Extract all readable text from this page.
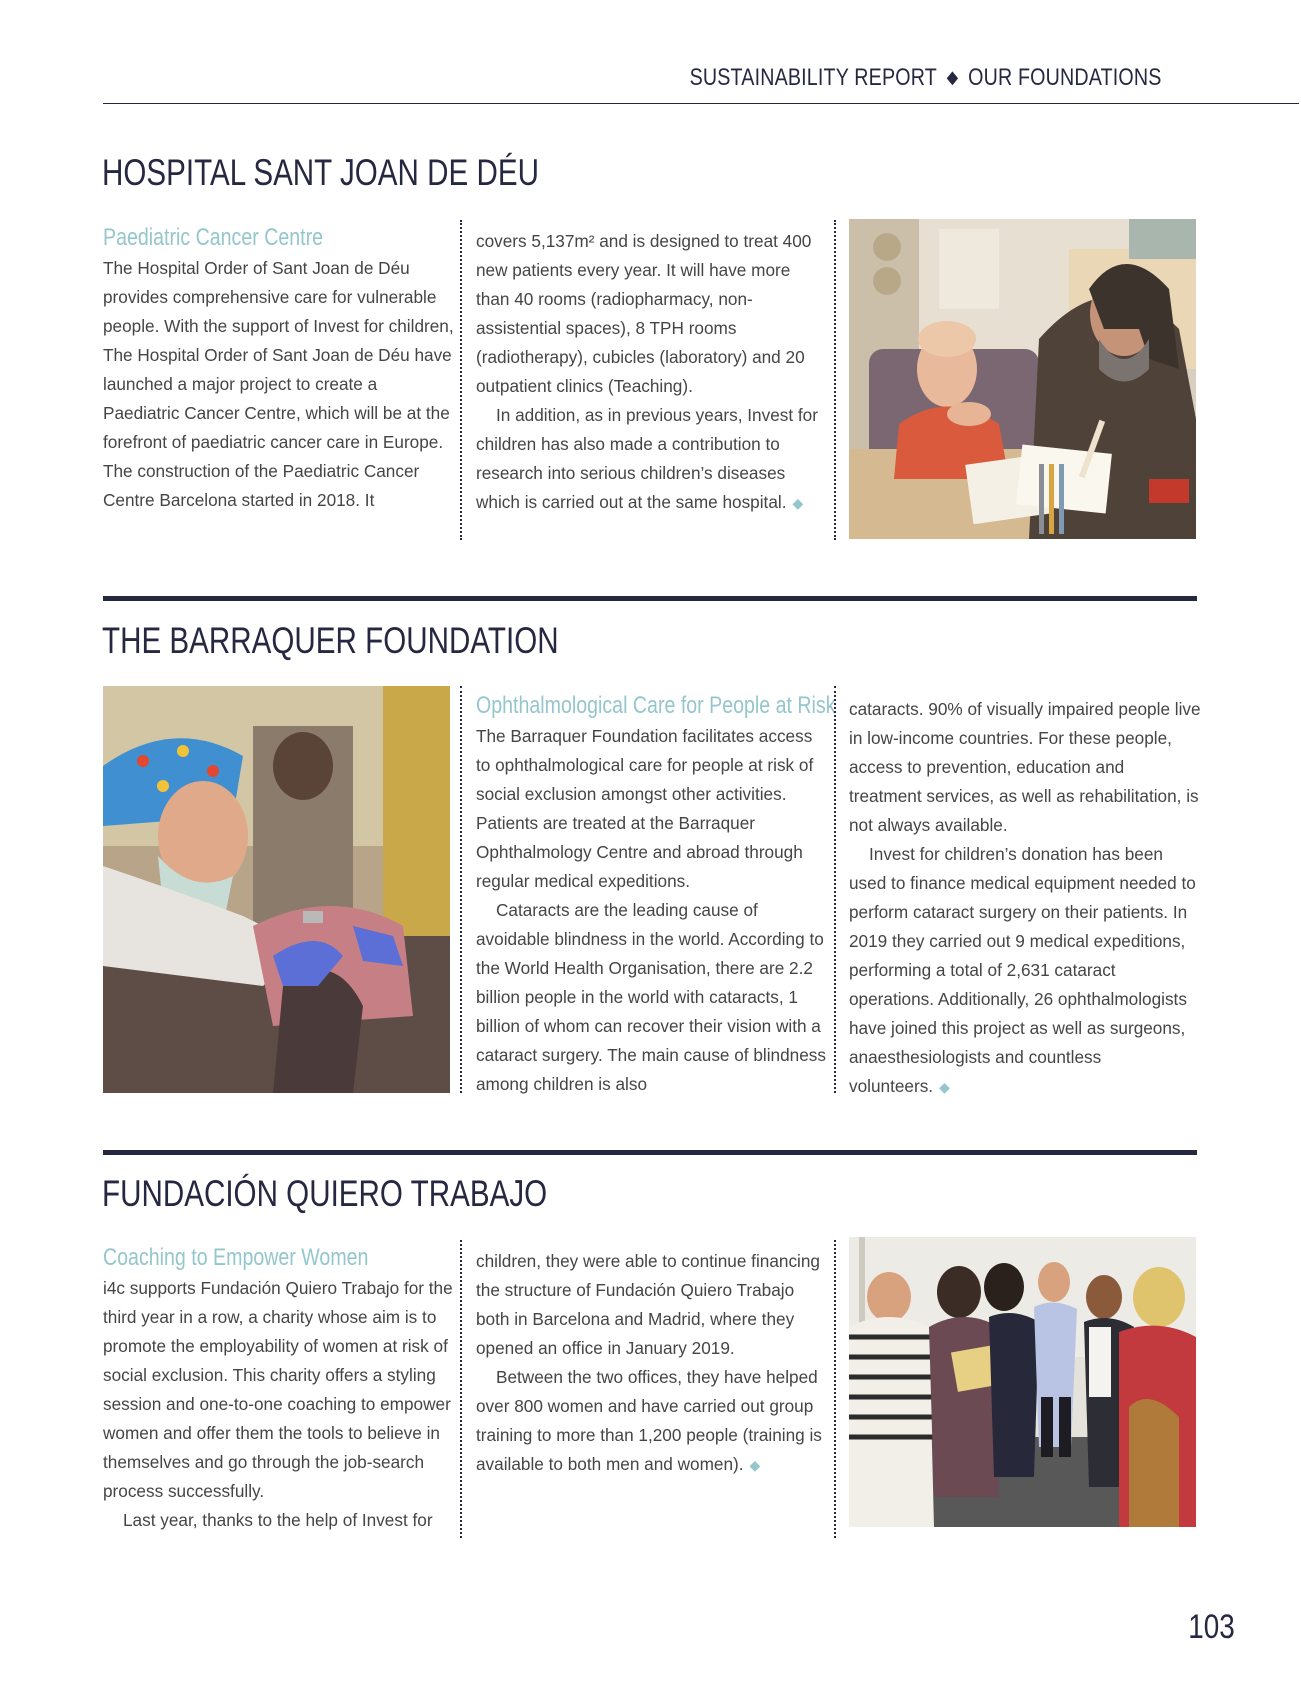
SUSTAINABILITY REPORT ◆ OUR FOUNDATIONS
HOSPITAL SANT JOAN DE DÉU
Paediatric Cancer Centre

The Hospital Order of Sant Joan de Déu provides comprehensive care for vulnerable people. With the support of Invest for children, The Hospital Order of Sant Joan de Déu have launched a major project to create a Paediatric Cancer Centre, which will be at the forefront of paediatric cancer care in Europe. The construction of the Paediatric Cancer Centre Barcelona started in 2018. It

covers 5,137m² and is designed to treat 400 new patients every year. It will have more than 40 rooms (radiopharmacy, non-assistential spaces), 8 TPH rooms (radiotherapy), cubicles (laboratory) and 20 outpatient clinics (Teaching).

In addition, as in previous years, Invest for children has also made a contribution to research into serious children’s diseases which is carried out at the same hospital. ◆

THE BARRAQUER FOUNDATION
Ophthalmological Care for People at Risk

The Barraquer Foundation facilitates access to ophthalmological care for people at risk of social exclusion amongst other activities. Patients are treated at the Barraquer Ophthalmology Centre and abroad through regular medical expeditions.

Cataracts are the leading cause of avoidable blindness in the world. According to the World Health Organisation, there are 2.2 billion people in the world with cataracts, 1 billion of whom can recover their vision with a cataract surgery. The main cause of blindness among children is also

cataracts. 90% of visually impaired people live in low-income countries. For these people, access to prevention, education and treatment services, as well as rehabilitation, is not always available.

Invest for children’s donation has been used to finance medical equipment needed to perform cataract surgery on their patients. In 2019 they carried out 9 medical expeditions, performing a total of 2,631 cataract operations. Additionally, 26 ophthalmologists have joined this project as well as surgeons, anaesthesiologists and countless volunteers. ◆

FUNDACIÓN QUIERO TRABAJO
Coaching to Empower Women

i4c supports Fundación Quiero Trabajo for the third year in a row, a charity whose aim is to promote the employability of women at risk of social exclusion. This charity offers a styling session and one-to-one coaching to empower women and offer them the tools to believe in themselves and go through the job-search process successfully.

Last year, thanks to the help of Invest for

children, they were able to continue financing the structure of Fundación Quiero Trabajo both in Barcelona and Madrid, where they opened an office in January 2019.

Between the two offices, they have helped over 800 women and have carried out group training to more than 1,200 people (training is available to both men and women). ◆

103
